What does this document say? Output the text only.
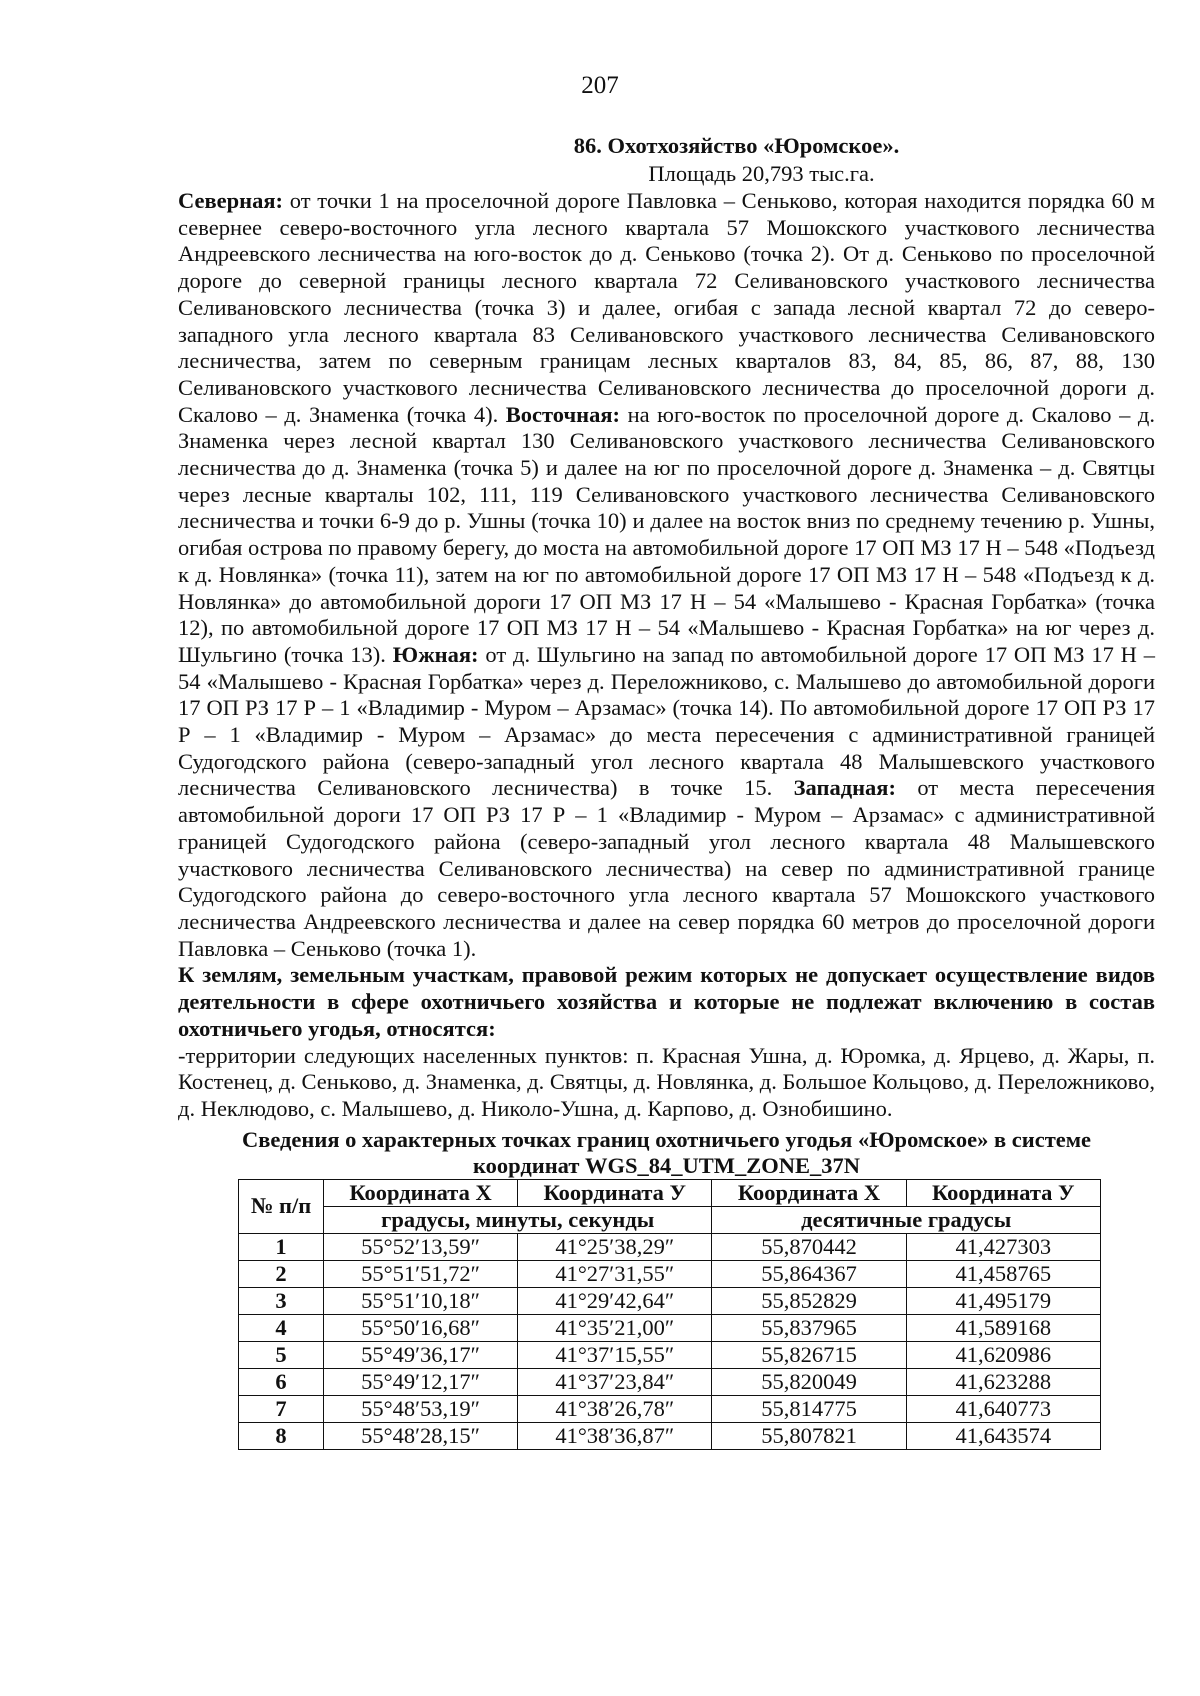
207
86. Охотхозяйство «Юромское».
Площадь 20,793 тыс.га.

Северная: от точки 1 на проселочной дороге Павловка – Сеньково, которая находится порядка 60 м севернее северо-восточного угла лесного квартала 57 Мошокского участкового лесничества Андреевского лесничества на юго-восток до д. Сеньково (точка 2). От д. Сеньково по проселочной дороге до северной границы лесного квартала 72 Селивановского участкового лесничества Селивановского лесничества (точка 3) и далее, огибая с запада лесной квартал 72 до северо-западного угла лесного квартала 83 Селивановского участкового лесничества Селивановского лесничества, затем по северным границам лесных кварталов 83, 84, 85, 86, 87, 88, 130 Селивановского участкового лесничества Селивановского лесничества до проселочной дороги д. Скалово – д. Знаменка (точка 4). Восточная: на юго-восток по проселочной дороге д. Скалово – д. Знаменка через лесной квартал 130 Селивановского участкового лесничества Селивановского лесничества до д. Знаменка (точка 5) и далее на юг по проселочной дороге д. Знаменка – д. Святцы через лесные кварталы 102, 111, 119 Селивановского участкового лесничества Селивановского лесничества и точки 6-9 до р. Ушны (точка 10) и далее на восток вниз по среднему течению р. Ушны, огибая острова по правому берегу, до моста на автомобильной дороге 17 ОП МЗ 17 Н – 548 «Подъезд к д. Новлянка» (точка 11), затем на юг по автомобильной дороге 17 ОП МЗ 17 Н – 548 «Подъезд к д. Новлянка» до автомобильной дороги 17 ОП МЗ 17 Н – 54 «Малышево - Красная Горбатка» (точка 12), по автомобильной дороге 17 ОП МЗ 17 Н – 54 «Малышево - Красная Горбатка» на юг через д. Шульгино (точка 13). Южная: от д. Шульгино на запад по автомобильной дороге 17 ОП МЗ 17 Н – 54 «Малышево - Красная Горбатка» через д. Переложниково, с. Малышево до автомобильной дороги 17 ОП РЗ 17 Р – 1 «Владимир - Муром – Арзамас» (точка 14). По автомобильной дороге 17 ОП РЗ 17 Р – 1 «Владимир - Муром – Арзамас» до места пересечения с административной границей Судогодского района (северо-западный угол лесного квартала 48 Малышевского участкового лесничества Селивановского лесничества) в точке 15. Западная: от места пересечения автомобильной дороги 17 ОП РЗ 17 Р – 1 «Владимир - Муром – Арзамас» с административной границей Судогодского района (северо-западный угол лесного квартала 48 Малышевского участкового лесничества Селивановского лесничества) на север по административной границе Судогодского района до северо-восточного угла лесного квартала 57 Мошокского участкового лесничества Андреевского лесничества и далее на север порядка 60 метров до проселочной дороги Павловка – Сеньково (точка 1).

К землям, земельным участкам, правовой режим которых не допускает осуществление видов деятельности в сфере охотничьего хозяйства и которые не подлежат включению в состав охотничьего угодья, относятся:

-территории следующих населенных пунктов: п. Красная Ушна, д. Юромка, д. Ярцево, д. Жары, п. Костенец, д. Сеньково, д. Знаменка, д. Святцы, д. Новлянка, д. Большое Кольцово, д. Переложниково, д. Неклюдово, с. Малышево, д. Николо-Ушна, д. Карпово, д. Ознобишино.

Сведения о характерных точках границ охотничьего угодья «Юромское» в системе
координат WGS_84_UTM_ZONE_37N
№ п/п	Координата X	Координата У	Координата X	Координата У
	градусы, минуты, секунды		десятичные градусы	
1	55°52′13,59″	41°25′38,29″	55,870442	41,427303
2	55°51′51,72″	41°27′31,55″	55,864367	41,458765
3	55°51′10,18″	41°29′42,64″	55,852829	41,495179
4	55°50′16,68″	41°35′21,00″	55,837965	41,589168
5	55°49′36,17″	41°37′15,55″	55,826715	41,620986
6	55°49′12,17″	41°37′23,84″	55,820049	41,623288
7	55°48′53,19″	41°38′26,78″	55,814775	41,640773
8	55°48′28,15″	41°38′36,87″	55,807821	41,643574
